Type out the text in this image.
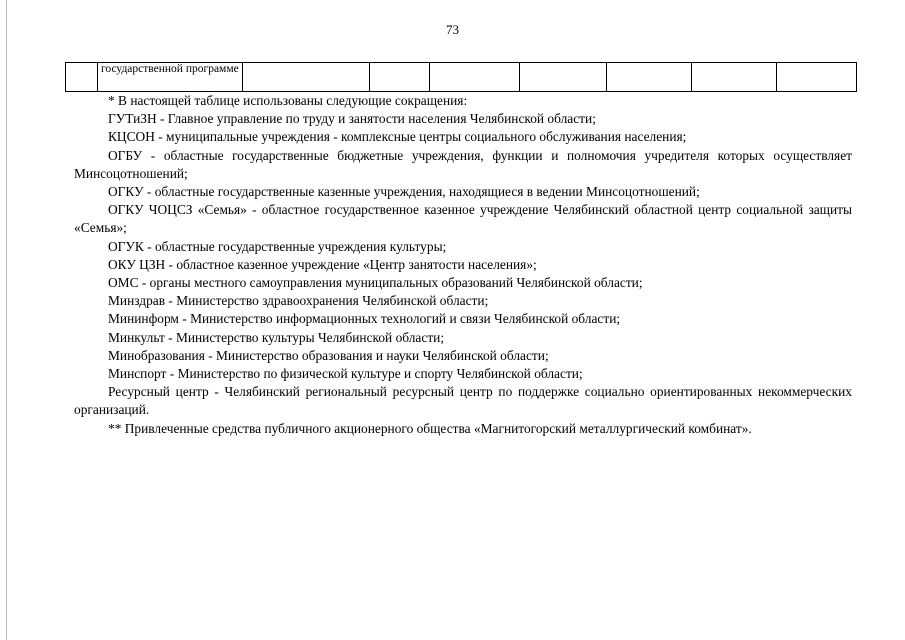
73
	государственной программе							

* В настоящей таблице использованы следующие сокращения:

ГУТиЗН - Главное управление по труду и занятости населения Челябинской области;

КЦСОН - муниципальные учреждения - комплексные центры социального обслуживания населения;

ОГБУ - областные государственные бюджетные учреждения, функции и полномочия учредителя которых осуществляет Минсоцотношений;

ОГКУ - областные государственные казенные учреждения, находящиеся в ведении Минсоцотношений;

ОГКУ ЧОЦСЗ «Семья» - областное государственное казенное учреждение Челябинский областной центр социальной защиты «Семья»;

ОГУК - областные государственные учреждения культуры;

ОКУ ЦЗН - областное казенное учреждение «Центр занятости населения»;

ОМС - органы местного самоуправления муниципальных образований Челябинской области;

Минздрав - Министерство здравоохранения Челябинской области;

Мининформ - Министерство информационных технологий и связи Челябинской области;

Минкульт - Министерство культуры Челябинской области;

Минобразования - Министерство образования и науки Челябинской области;

Минспорт - Министерство по физической культуре и спорту Челябинской области;

Ресурсный центр - Челябинский региональный ресурсный центр по поддержке социально ориентированных некоммерческих организаций.

** Привлеченные средства публичного акционерного общества «Магнитогорский металлургический комбинат».
